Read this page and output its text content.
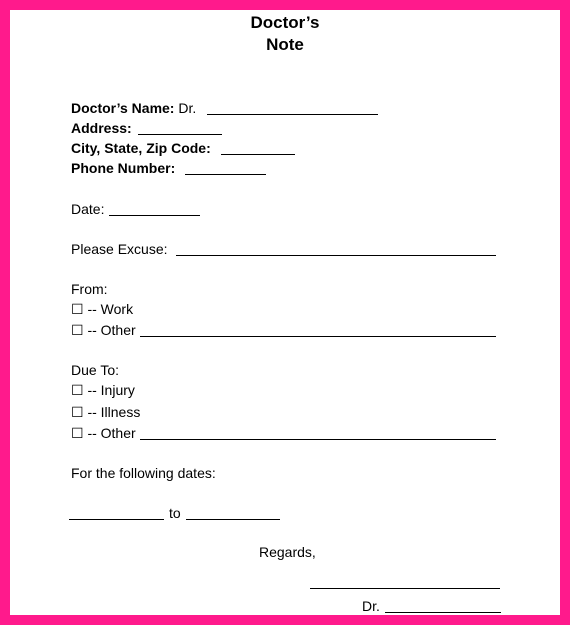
Doctor’s
Note
Doctor’s Name: Dr.
Address:
City, State, Zip Code:
Phone Number:
Date:
Please Excuse:
From:
☐ -- Work
☐ -- Other
Due To:
☐ -- Injury
☐ -- Illness
☐ -- Other
For the following dates:
to
Regards,
Dr.
